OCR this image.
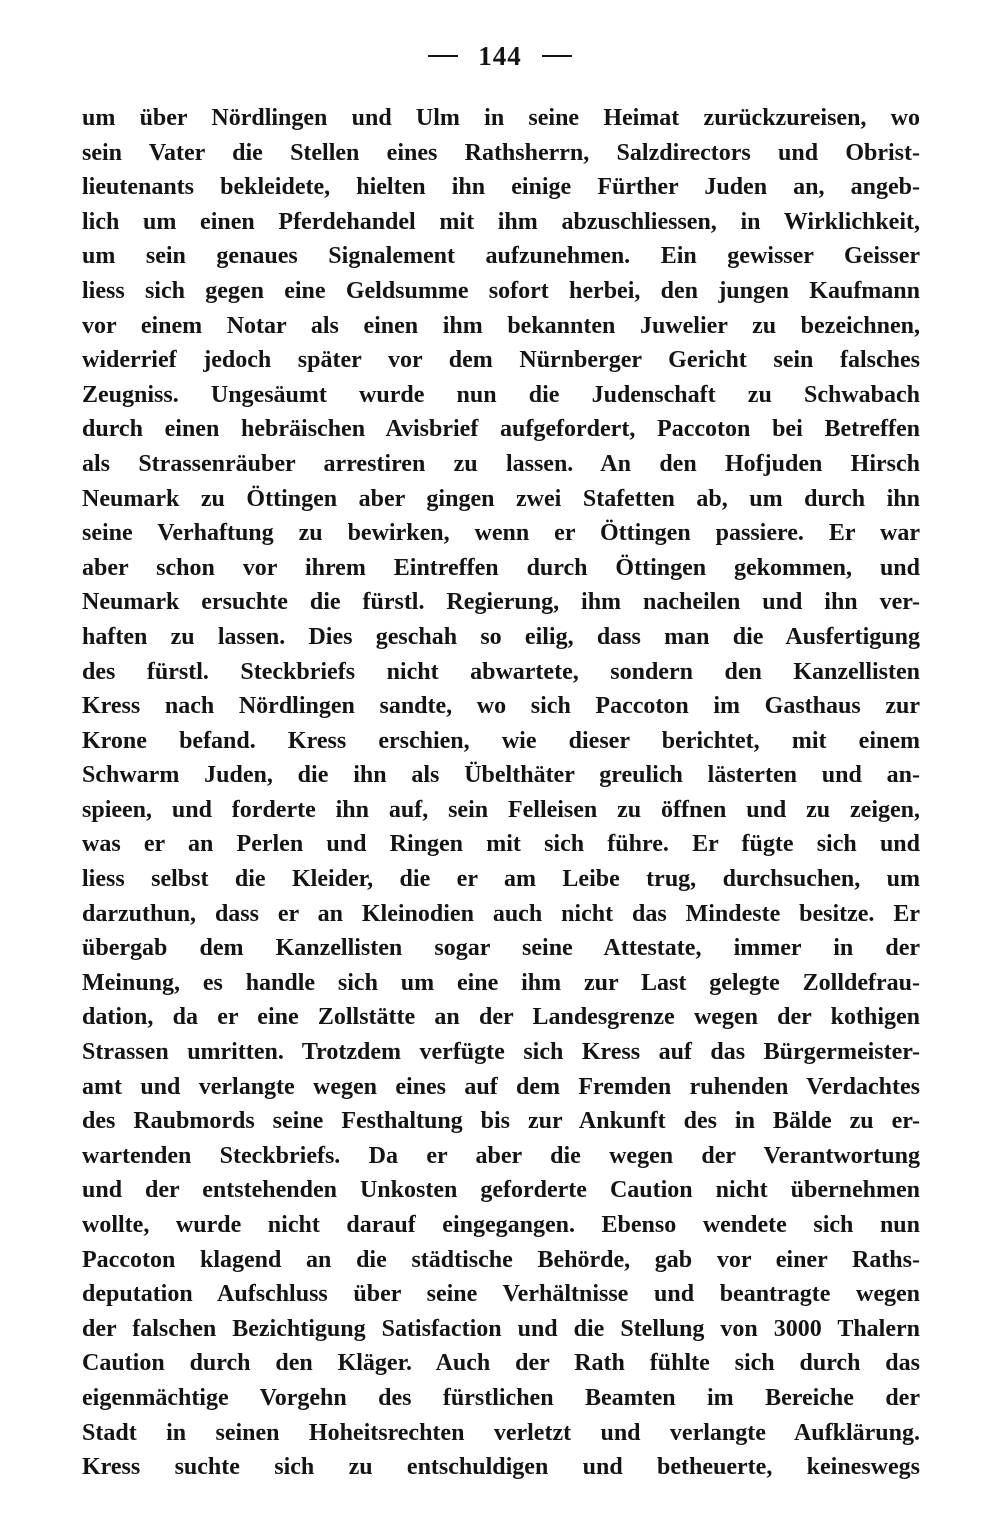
144
um über Nördlingen und Ulm in seine Heimat zurückzureisen, wo
sein Vater die Stellen eines Rathsherrn, Salzdirectors und Obrist-
lieutenants bekleidete, hielten ihn einige Fürther Juden an, angeb-
lich um einen Pferdehandel mit ihm abzuschliessen, in Wirklichkeit,
um sein genaues Signalement aufzunehmen. Ein gewisser Geisser
liess sich gegen eine Geldsumme sofort herbei, den jungen Kaufmann
vor einem Notar als einen ihm bekannten Juwelier zu bezeichnen,
widerrief jedoch später vor dem Nürnberger Gericht sein falsches
Zeugniss. Ungesäumt wurde nun die Judenschaft zu Schwabach
durch einen hebräischen Avisbrief aufgefordert, Paccoton bei Betreffen
als Strassenräuber arrestiren zu lassen. An den Hofjuden Hirsch
Neumark zu Öttingen aber gingen zwei Stafetten ab, um durch ihn
seine Verhaftung zu bewirken, wenn er Öttingen passiere. Er war
aber schon vor ihrem Eintreffen durch Öttingen gekommen, und
Neumark ersuchte die fürstl. Regierung, ihm nacheilen und ihn ver-
haften zu lassen. Dies geschah so eilig, dass man die Ausfertigung
des fürstl. Steckbriefs nicht abwartete, sondern den Kanzellisten
Kress nach Nördlingen sandte, wo sich Paccoton im Gasthaus zur
Krone befand. Kress erschien, wie dieser berichtet, mit einem
Schwarm Juden, die ihn als Übelthäter greulich lästerten und an-
spieen, und forderte ihn auf, sein Felleisen zu öffnen und zu zeigen,
was er an Perlen und Ringen mit sich führe. Er fügte sich und
liess selbst die Kleider, die er am Leibe trug, durchsuchen, um
darzuthun, dass er an Kleinodien auch nicht das Mindeste besitze. Er
übergab dem Kanzellisten sogar seine Attestate, immer in der
Meinung, es handle sich um eine ihm zur Last gelegte Zolldefrau-
dation, da er eine Zollstätte an der Landesgrenze wegen der kothigen
Strassen umritten. Trotzdem verfügte sich Kress auf das Bürgermeister-
amt und verlangte wegen eines auf dem Fremden ruhenden Verdachtes
des Raubmords seine Festhaltung bis zur Ankunft des in Bälde zu er-
wartenden Steckbriefs. Da er aber die wegen der Verantwortung
und der entstehenden Unkosten geforderte Caution nicht übernehmen
wollte, wurde nicht darauf eingegangen. Ebenso wendete sich nun
Paccoton klagend an die städtische Behörde, gab vor einer Raths-
deputation Aufschluss über seine Verhältnisse und beantragte wegen
der falschen Bezichtigung Satisfaction und die Stellung von 3000 Thalern
Caution durch den Kläger. Auch der Rath fühlte sich durch das
eigenmächtige Vorgehn des fürstlichen Beamten im Bereiche der
Stadt in seinen Hoheitsrechten verletzt und verlangte Aufklärung.
Kress suchte sich zu entschuldigen und betheuerte, keineswegs
